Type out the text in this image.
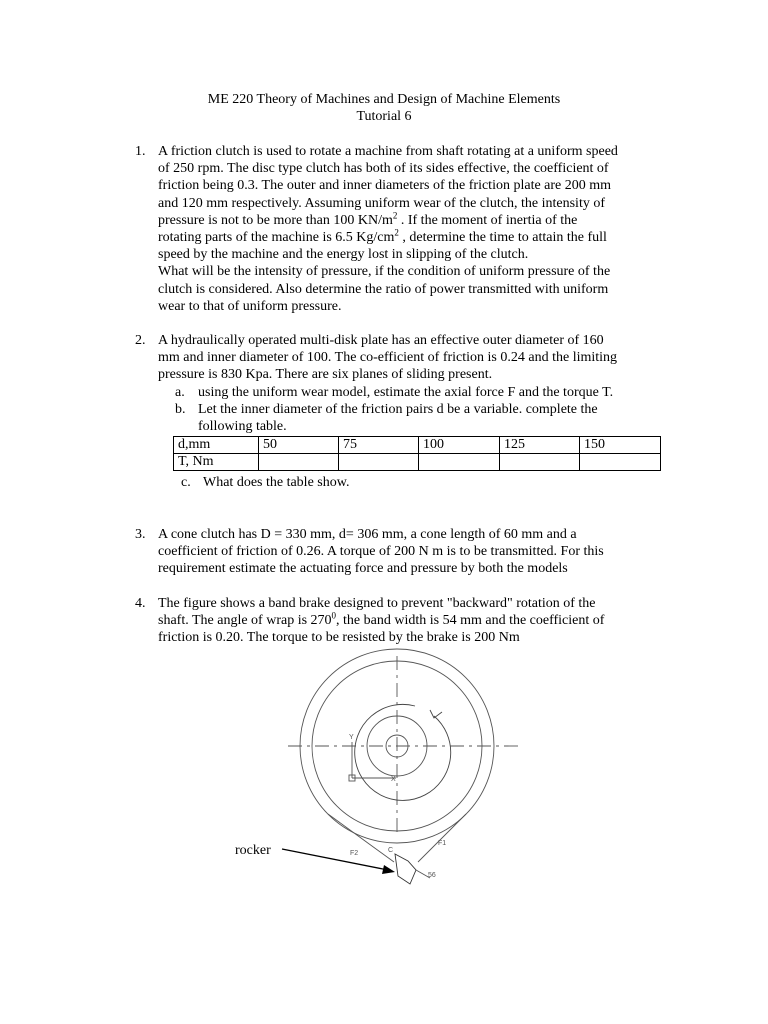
ME 220 Theory of Machines and Design of Machine Elements
Tutorial 6
1. A friction clutch is used to rotate a machine from shaft rotating at a uniform speed

of 250 rpm. The disc type clutch has both of its sides effective, the coefficient of

friction being 0.3. The outer and inner diameters of the friction plate are 200 mm

and 120 mm respectively. Assuming uniform wear of the clutch, the intensity of

pressure is not to be more than 100 $KN/m^2$ . If the moment of inertia of the

rotating parts of the machine is 6.5 $Kg/cm^2$ , determine the time to attain the full

speed by the machine and the energy lost in slipping of the clutch.

What will be the intensity of pressure, if the condition of uniform pressure of the

clutch is considered. Also determine the ratio of power transmitted with uniform

wear to that of uniform pressure.

2. A hydraulically operated multi-disk plate has an effective outer diameter of 160

mm and inner diameter of 100. The co-efficient of friction is 0.24 and the limiting

pressure is 830 Kpa. There are six planes of sliding present.

a. using the uniform wear model, estimate the axial force F and the torque T.
b. Let the inner diameter of the friction pairs d be a variable. complete the
following table.
d,mm	50	75	100	125	150
T, Nm					
c. What does the table show.
3. A cone clutch has D = 330 mm, d= 306 mm, a cone length of 60 mm and a

coefficient of friction of 0.26. A torque of 200 N m is to be transmitted. For this

requirement estimate the actuating force and pressure by both the models

4. The figure shows a band brake designed to prevent "backward" rotation of the

shaft. The angle of wrap is $270^0$, the band width is 54 mm and the coefficient of

friction is 0.20. The torque to be resisted by the brake is 200 Nm

Y
X
F1
F2	C
56
rocker
